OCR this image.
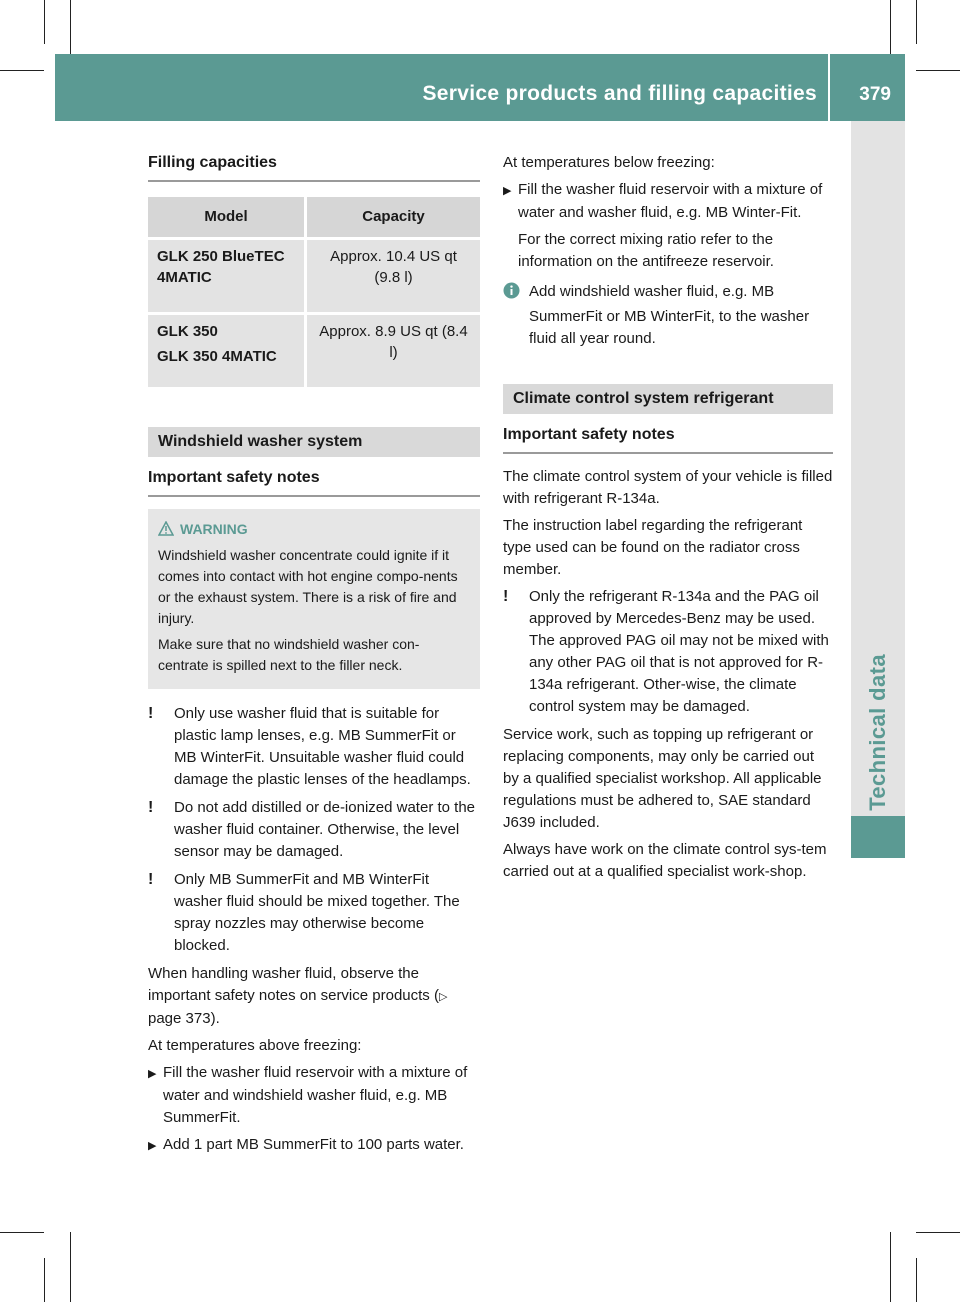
Service products and filling capacities 379
Technical data
Filling capacities
Model	Capacity
GLK 250 BlueTEC 4MATIC	Approx. 10.4 US qt (9.8 l)

GLK 350
GLK 350 4MATIC	Approx. 8.9 US qt (8.4 l)
Windshield washer system
Important safety notes
WARNING

Windshield washer concentrate could ignite if it comes into contact with hot engine compo-nents or the exhaust system. There is a risk of fire and injury.

Make sure that no windshield washer con-centrate is spilled next to the filler neck.

! Only use washer fluid that is suitable for plastic lamp lenses, e.g. MB SummerFit or MB WinterFit. Unsuitable washer fluid could damage the plastic lenses of the headlamps.
! Do not add distilled or de-ionized water to the washer fluid container. Otherwise, the level sensor may be damaged.
! Only MB SummerFit and MB WinterFit washer fluid should be mixed together. The spray nozzles may otherwise become blocked.

When handling washer fluid, observe the important safety notes on service products (▷ page 373).

At temperatures above freezing:

▶ Fill the washer fluid reservoir with a mixture of water and windshield washer fluid, e.g. MB SummerFit.
▶ Add 1 part MB SummerFit to 100 parts water.

At temperatures below freezing:

▶ Fill the washer fluid reservoir with a mixture of water and washer fluid, e.g. MB Winter-Fit.

For the correct mixing ratio refer to the information on the antifreeze reservoir.

Add windshield washer fluid, e.g. MB SummerFit or MB WinterFit, to the washer fluid all year round.
Climate control system refrigerant
Important safety notes

The climate control system of your vehicle is filled with refrigerant R-134a.

The instruction label regarding the refrigerant type used can be found on the radiator cross member.

! Only the refrigerant R-134a and the PAG oil approved by Mercedes-Benz may be used. The approved PAG oil may not be mixed with any other PAG oil that is not approved for R-134a refrigerant. Other-wise, the climate control system may be damaged.

Service work, such as topping up refrigerant or replacing components, may only be carried out by a qualified specialist workshop. All applicable regulations must be adhered to, SAE standard J639 included.

Always have work on the climate control sys-tem carried out at a qualified specialist work-shop.
